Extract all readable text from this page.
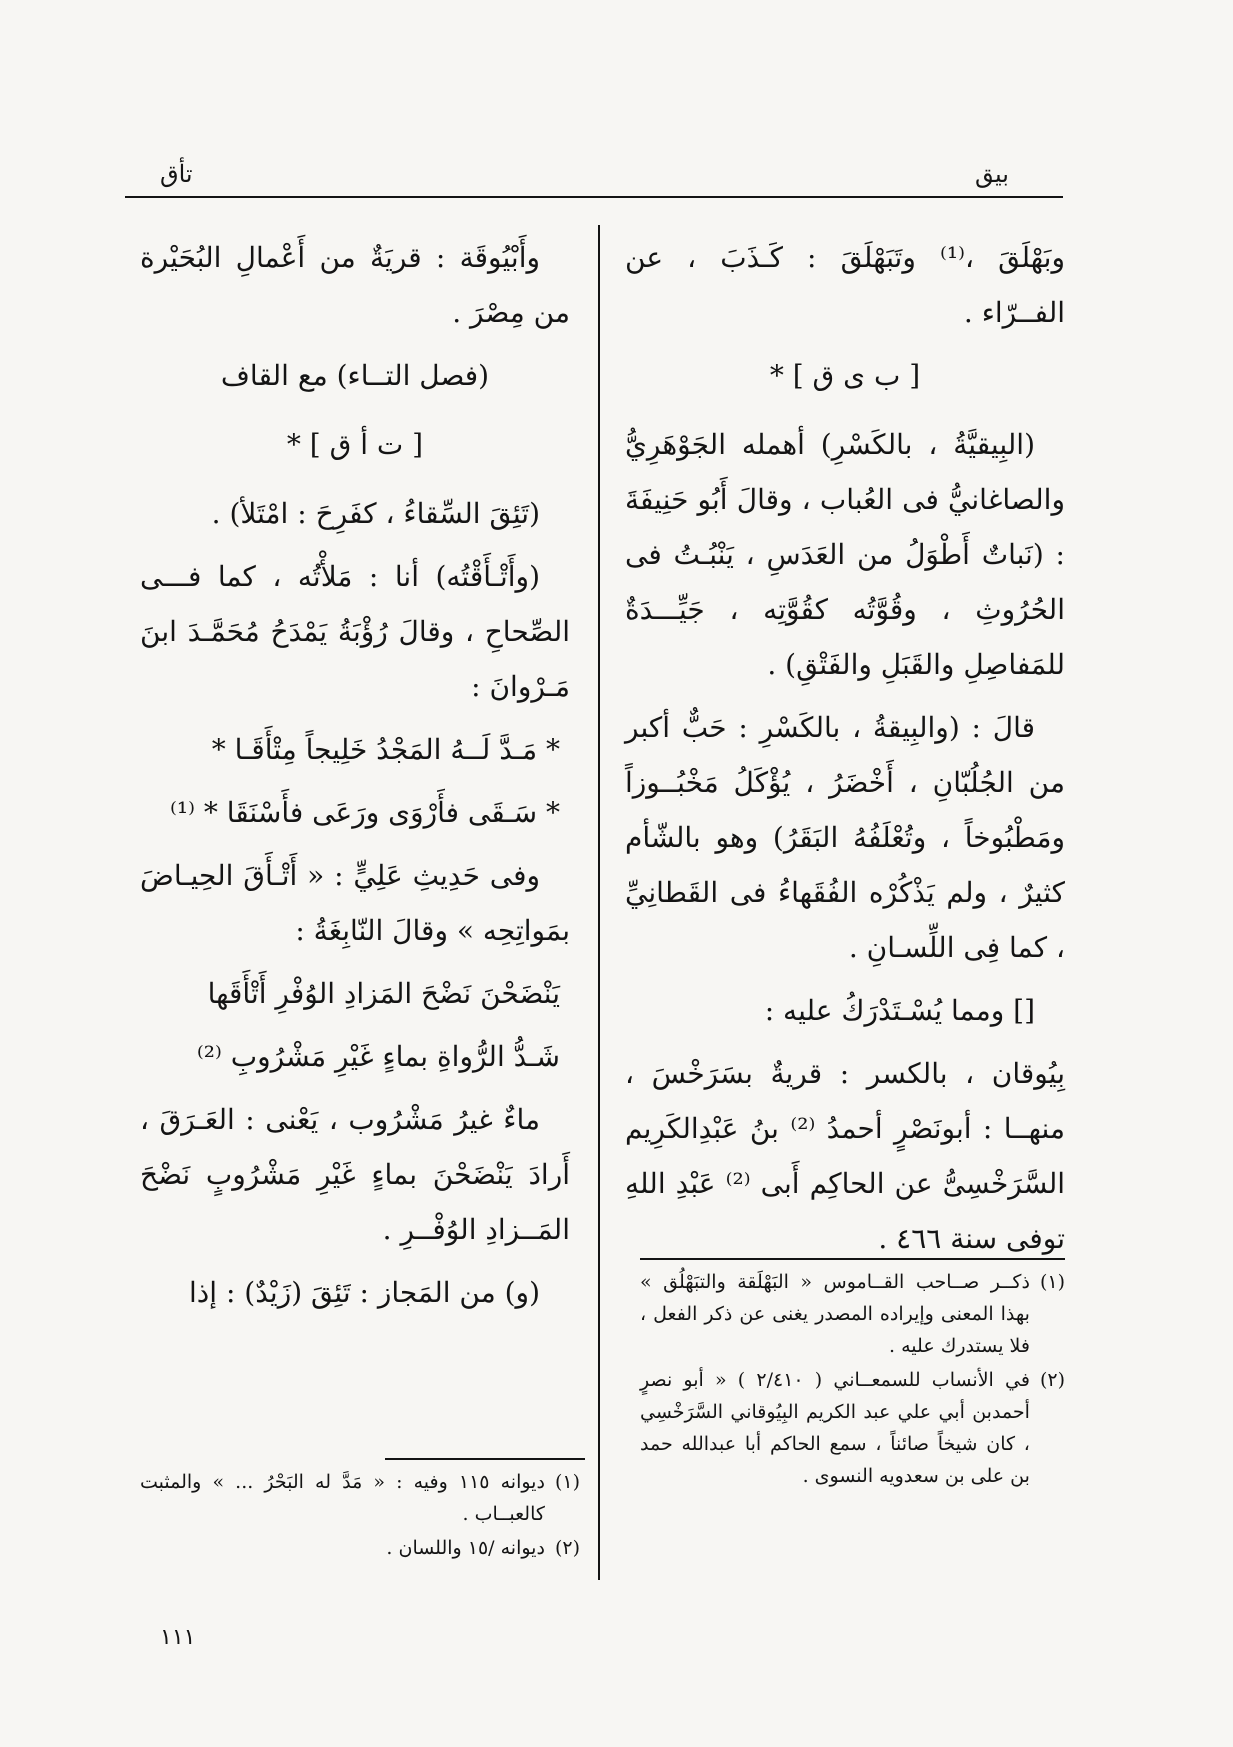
تأق	بيق

وبَهْلَقَ ،⁽¹⁾ وتَبَهْلَقَ : كَـذَبَ ، عن الفــرّاء .

[ ب ى ق ] *

(البِيقيَّةُ ، بالكَسْرِ) أهمله الجَوْهَرِيُّ والصاغانيُّ فى العُباب ، وقالَ أَبُو حَنِيفَةَ : (نَباتٌ أَطْوَلُ من العَدَسِ ، يَنْبُـتُ فى الحُرُوثِ ، وقُوَّتُه كقُوَّتِه ، جَيِّـــدَةٌ للمَفاصِلِ والقَبَلِ والفَتْقِ) .

قالَ : (والبِيقةُ ، بالكَسْرِ : حَبٌّ أكبر من الجُلُبّانِ ، أَخْضَرُ ، يُؤْكَلُ مَخْبُــوزاً ومَطْبُوخاً ، وتُعْلَفُهُ البَقَرُ) وهو بالشّأم كثيرٌ ، ولم يَذْكُرْه الفُقَهاءُ فى القَطانِيِّ ، كما فِى اللِّسـانِ .

[] ومما يُسْـتَدْرَكُ عليه :

بِيُوقان ، بالكسر : قريةٌ بسَرَخْسَ ، منهــا : أبونَصْرٍ أحمدُ ⁽²⁾ بنُ عَبْدِالكَرِيم السَّرَخْسِىُّ عن الحاكِم أَبى ⁽²⁾ عَبْدِ اللهِ توفى سنة ٤٦٦ .

(١)
ذكــر صــاحب القــاموس « البَهْلَقة والتبَهْلُق » بهذا المعنى وإيراده المصدر يغنى عن ذكر الفعل ، فلا يستدرك عليه .
(٢)
في الأنساب للسمعــاني ( ٢/٤١٠ ) « أبو نصرٍ أحمدبن أبي علي عبد الكريم البِيُوقاني السَّرَخْسِي ، كان شيخاً صائناً ، سمع الحاكم أبا عبدالله حمد بن على بن سعدويه النسوى .

وأَبْيُوقَة : قريَةٌ من أَعْمالِ البُحَيْرة من مِصْرَ .

(فصل التــاء) مع القاف

[ ت أ ق ] *

(تَئِقَ السِّقاءُ ، كفَرِحَ : امْتَلأ) .

(وأَتْـأَقْتُه) أنا : مَلأْتُه ، كما فـــى الصِّحاحِ ، وقالَ رُؤْبَةُ يَمْدَحُ مُحَمَّـدَ ابنَ مَـرْوانَ :

* مَـدَّ لَــهُ المَجْدُ خَلِيجاً مِتْأَقَـا *

* سَـقَى فأَرْوَى ورَعَى فأَسْنَقَا * ⁽¹⁾

وفى حَدِيثِ عَلِيٍّ : « أَتْـأَقَ الحِيـاضَ بمَواتِحِه » وقالَ النّابِغَةُ :

يَنْضَحْنَ نَضْحَ المَزادِ الوُفْرِ أَتْأَقَها

شَـدُّ الرُّواةِ بماءٍ غَيْرِ مَشْرُوبِ ⁽²⁾

ماءٌ غيرُ مَشْرُوب ، يَعْنى : العَـرَقَ ، أَرادَ يَنْضَحْنَ بماءٍ غَيْرِ مَشْرُوبٍ نَضْحَ المَــزادِ الوُفْــرِ .

(و) من المَجاز : تَئِقَ (زَيْدٌ) : إذا

(١)
ديوانه ١١٥ وفيه : « مَدَّ له البَحْرُ ... » والمثبت كالعبــاب .
(٢)
ديوانه /١٥ واللسان .
١١١
